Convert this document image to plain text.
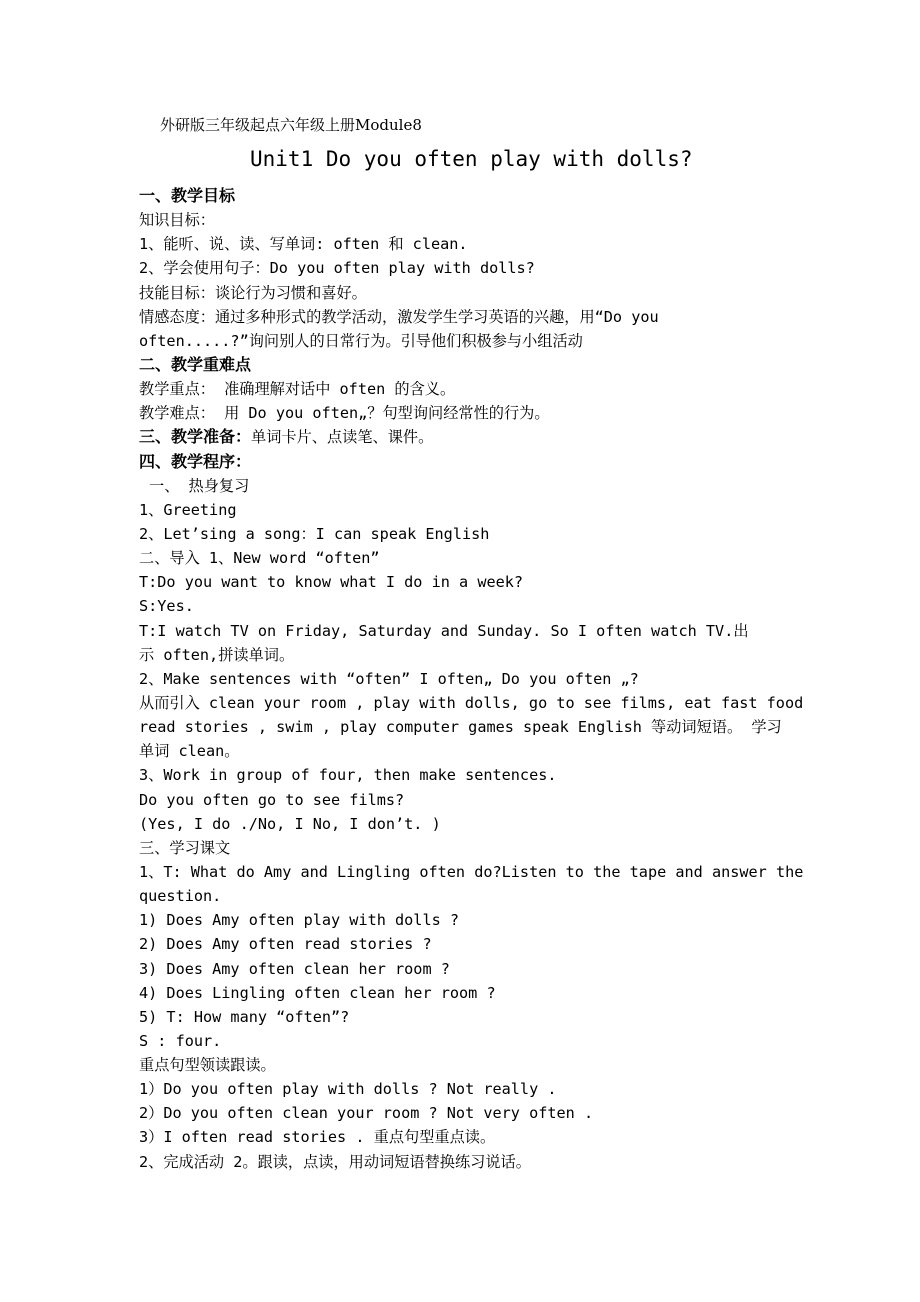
外研版三年级起点六年级上册Module8
Unit1 Do you often play with dolls?
一、教学目标
知识目标：
1、能听、说、读、写单词: often 和 clean.
2、学会使用句子：Do you often play with dolls?
技能目标：谈论行为习惯和喜好。
情感态度：通过多种形式的教学活动，激发学生学习英语的兴趣，用“Do you
often.....?”询问别人的日常行为。引导他们积极参与小组活动
二、教学重难点
教学重点： 准确理解对话中 often 的含义。
教学难点： 用 Do you often„？句型询问经常性的行为。
三、教学准备：单词卡片、点读笔、课件。
四、教学程序：
一、 热身复习
1、Greeting
2、Let’sing a song：I can speak English
二、导入 1、New word “often”
T:Do you want to know what I do in a week?
S:Yes.
T:I watch TV on Friday, Saturday and Sunday. So I often watch TV.出
示 often,拼读单词。
2、Make sentences with “often” I often„ Do you often „?
从而引入 clean your room , play with dolls, go to see films, eat fast food
read stories , swim , play computer games speak English 等动词短语。 学习
单词 clean。
3、Work in group of four, then make sentences.
Do you often go to see films?
(Yes, I do ./No, I No, I don’t. )
三、学习课文
1、T: What do Amy and Lingling often do?Listen to the tape and answer the
question.
1) Does Amy often play with dolls ?
2) Does Amy often read stories ?
3) Does Amy often clean her room ?
4) Does Lingling often clean her room ?
5) T: How many “often”?
S : four.
重点句型领读跟读。
1）Do you often play with dolls ? Not really .
2）Do you often clean your room ? Not very often .
3）I often read stories . 重点句型重点读。
2、完成活动 2。跟读，点读，用动词短语替换练习说话。
